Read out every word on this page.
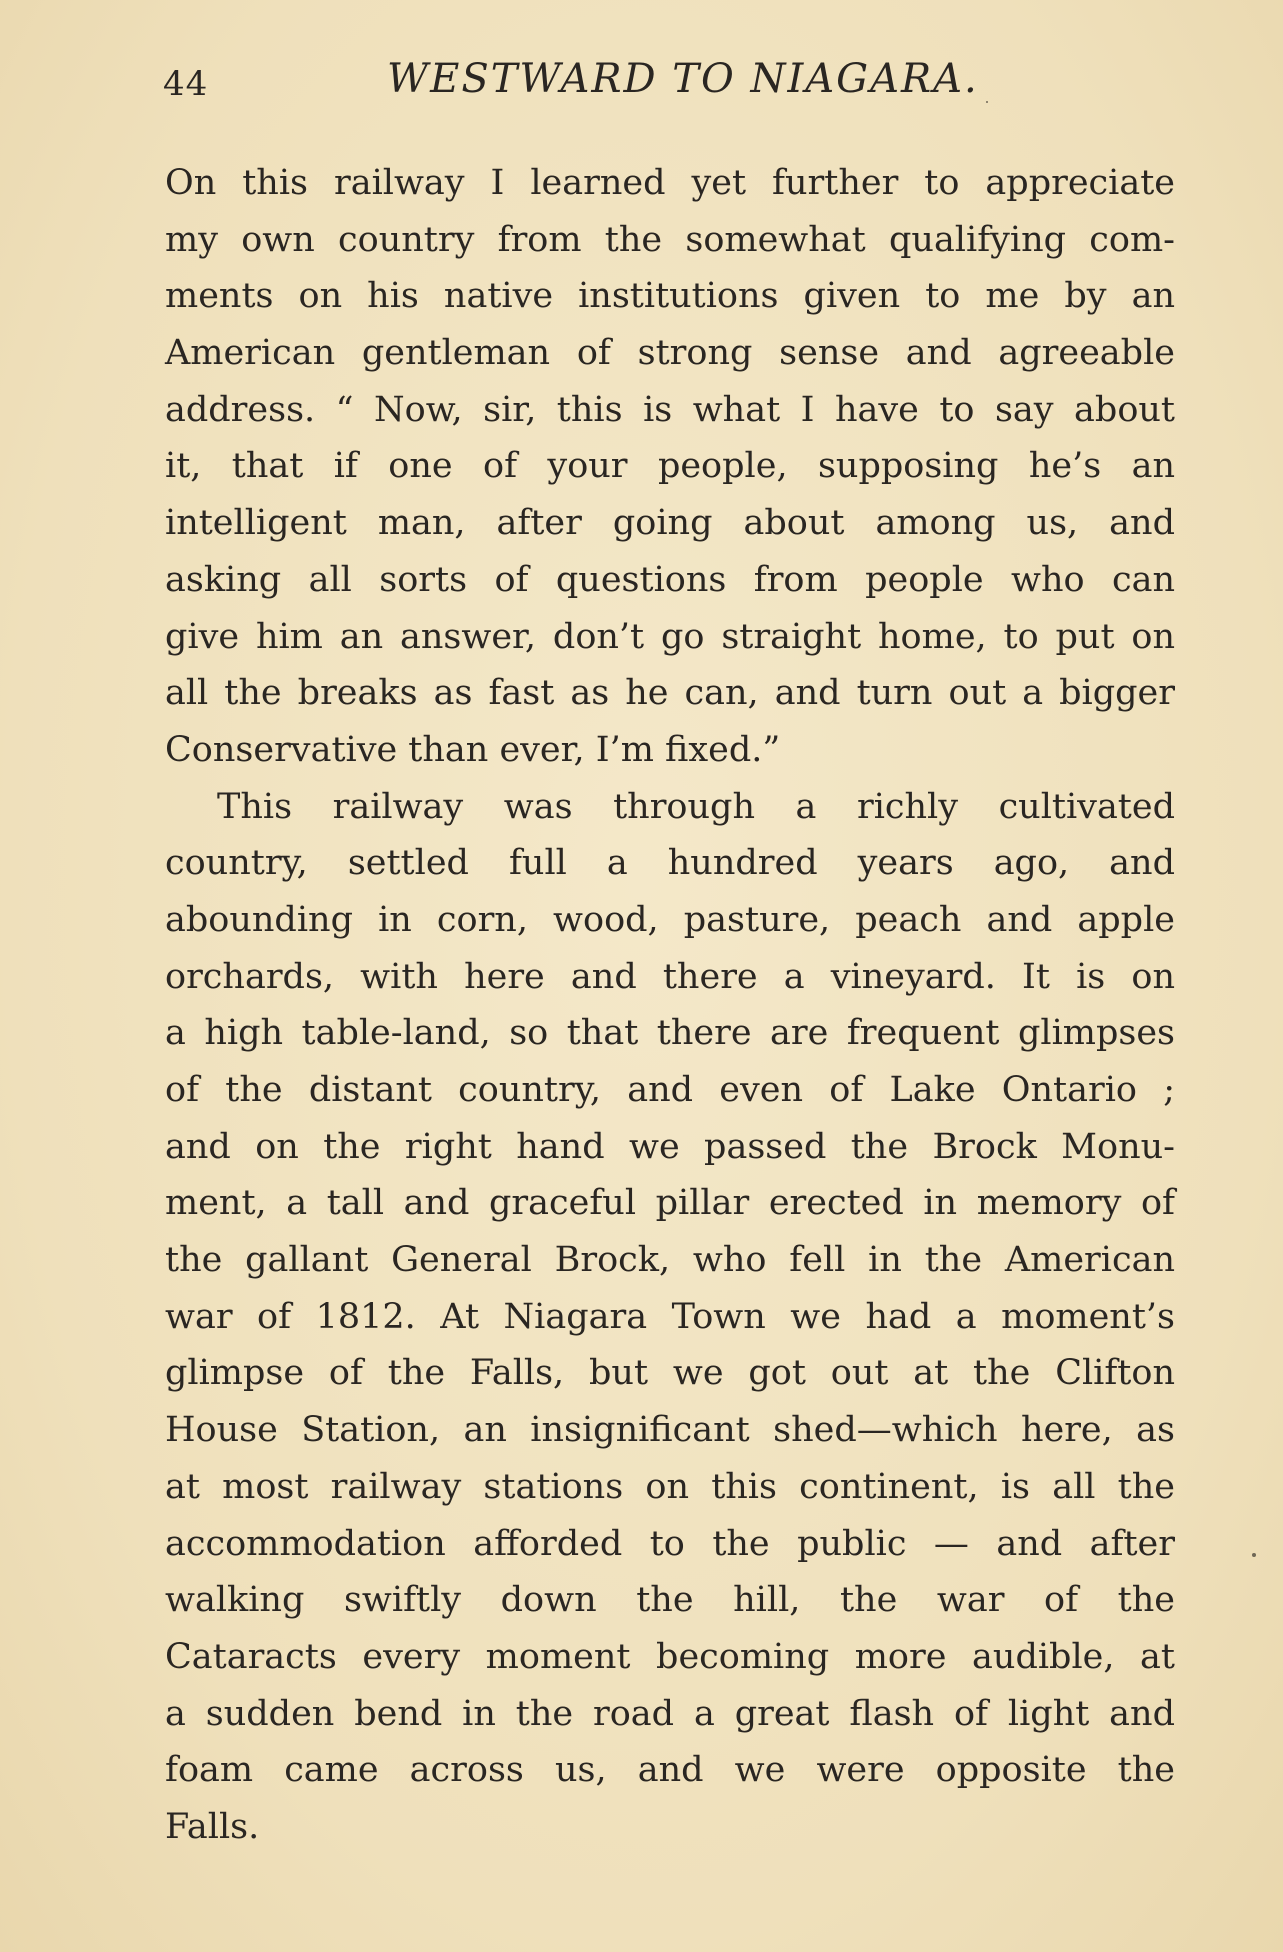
44	WESTWARD TO NIAGARA.
On this railway I learned yet further to appreciate
my own country from the somewhat qualifying com-
ments on his native institutions given to me by an
American gentleman of strong sense and agreeable
address. “ Now, sir, this is what I have to say about
it, that if one of your people, supposing he’s an
intelligent man, after going about among us, and
asking all sorts of questions from people who can
give him an answer, don’t go straight home, to put on
all the breaks as fast as he can, and turn out a bigger
Conservative than ever, I’m fixed.”
This railway was through a richly cultivated
country, settled full a hundred years ago, and
abounding in corn, wood, pasture, peach and apple
orchards, with here and there a vineyard. It is on
a high table-land, so that there are frequent glimpses
of the distant country, and even of Lake Ontario ;
and on the right hand we passed the Brock Monu-
ment, a tall and graceful pillar erected in memory of
the gallant General Brock, who fell in the American
war of 1812. At Niagara Town we had a moment’s
glimpse of the Falls, but we got out at the Clifton
House Station, an insignificant shed—which here, as
at most railway stations on this continent, is all the
accommodation afforded to the public — and after
walking swiftly down the hill, the war of the
Cataracts every moment becoming more audible, at
a sudden bend in the road a great flash of light and
foam came across us, and we were opposite the
Falls.
